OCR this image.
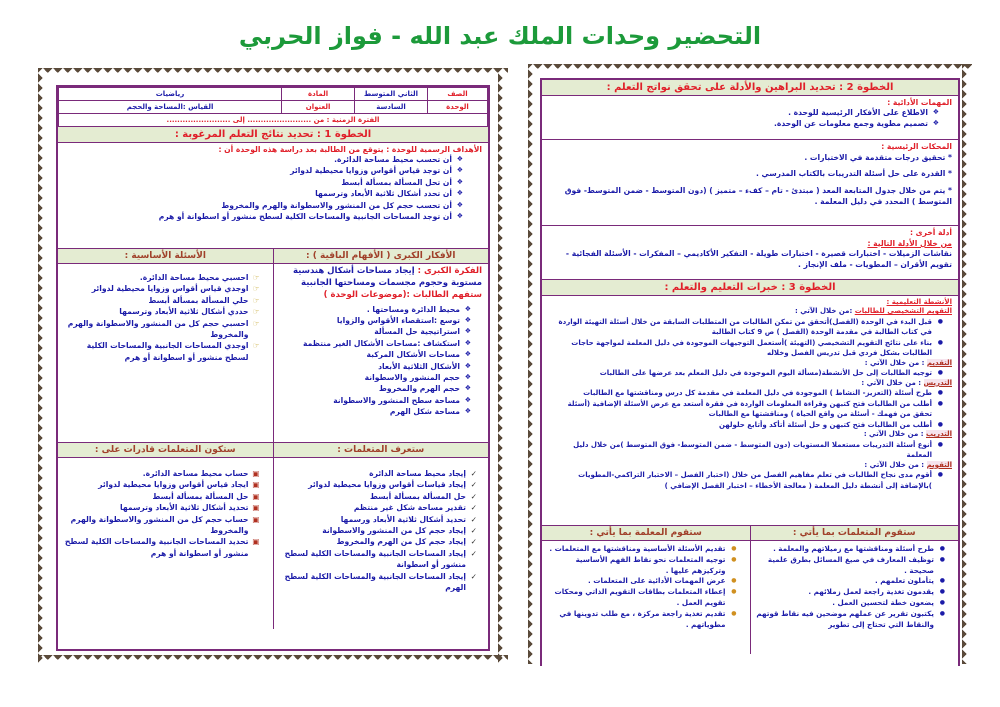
التحضير وحدات الملك عبد الله - فواز الحربي
الصف	الثاني المتوسط	المادة	رياضيات
الوحدة	السادسة	العنوان	القياس :المساحة والحجم
الفترة الزمنية : من ........................ إلى ........................			
الخطوة 1 : تحديد نتائج التعلم المرغوبة :
الأهداف الرسمية للوحدة : يتوقع من الطالبة بعد دراسة هذه الوحدة أن :
❖ أن تحسب محيط مساحة الدائرة.
❖ أن توجد قياس أقواس وزوايا محيطية لدوائر
❖ أن تحل المسألة بمسألة أبسط
❖ أن تحدد أشكال ثلاثية الأبعاد وترسمها
❖ أن تحسب حجم كل من المنشور والاسطوانة والهرم والمخروط
❖ أن توجد المساحات الجانبية والمساحات الكلية لسطح منشور أو اسطوانة أو هرم
الأفكار الكبرى ( الأفهام الباقية ) :
الفكرة الكبرى : إيجاد مساحات أشكال هندسية مستوية وحجوم مجسمات ومساحتها الجانبية
ستفهم الطالبات :(موضوعات الوحدة )
❖ محيط الدائرة ومساحتها .
❖ توسع :استقصاء الأقواس والزوايا
❖ استراتيجية حل المسألة
❖ استكشاف :مساحات الأشكال الغير منتظمة
❖ مساحات الأشكال المركبة
❖ الأشكال الثلاثية الأبعاد
❖ حجم المنشور والاسطوانة
❖ حجم الهرم والمخروط
❖ مساحة سطح المنشور والاسطوانة
❖ مساحة شكل الهرم
الأسئلة الأساسية :
☞ احسبي محيط مساحة الدائرة.
☞ اوجدي قياس أقواس وزوايا محيطية لدوائر
☞ حلي المسألة بمسألة أبسط
☞ حددي أشكال ثلاثية الأبعاد وترسمها
☞ احسبي حجم كل من المنشور والاسطوانة والهرم والمخروط
☞ اوجدي المساحات الجانبية والمساحات الكلية لسطح منشور أو اسطوانة أو هرم
ستعرف المتعلمات :
✓ إيجاد محيط مساحة الدائرة
✓ إيجاد قياسات أقواس وزوايا محيطية لدوائر
✓ حل المسألة بمسألة أبسط
✓ تقدير مساحة شكل غير منتظم
✓ تحديد أشكال ثلاثية الأبعاد ورسمها
✓ إيجاد حجم كل من المنشور والاسطوانة
✓ إيجاد حجم كل من الهرم والمخروط
✓ إيجاد المساحات الجانبية والمساحات الكلية لسطح منشور أو اسطوانة
✓ إيجاد المساحات الجانبية والمساحات الكلية لسطح الهرم
ستكون المتعلمات قادرات على :
▣ حساب محيط مساحة الدائرة.
▣ ايجاد قياس أقواس وزوايا محيطية لدوائر
▣ حل المسألة بمسألة أبسط
▣ تحديد أشكال ثلاثية الأبعاد وترسمها
▣ حساب حجم كل من المنشور والاسطوانة والهرم والمخروط
▣ تحديد المساحات الجانبية والمساحات الكلية لسطح منشور أو اسطوانة أو هرم
الخطوة 2 : تحديد البراهين والأدلة على تحقق نواتج التعلم :
المهمات الأدائية :
❖ الاطلاع على الأفكار الرئيسية للوحدة .
❖ تصميم مطوية وجمع معلومات عن الوحدة.
المحكات الرئيسية :
* تحقيق درجات متقدمة في الاختبارات .
* القدرة على حل أسئلة التدريبات بالكتاب المدرسي .
* يتم من خلال جدول المتابعة المعد ( مبتدئ - تام – كفء – متميز ) (دون المتوسط - ضمن المتوسط- فوق المتوسط ) المحدد في دليل المعلمة .
أدلة أخرى :
من خلال الأدلة التالية :
نقاشات الزميلات - اختبارات قصيرة - اختبارات طويلة - التفكير الأكاديمي – المفكرات - الأسئلة الفجائية - تقويم الأقران – المطويات - ملف الإنجاز .
الخطوة 3 : خبرات التعليم والتعلم :
الأنشطة التعليمية :
التقويم التشخيصي للطالبات :من خلال الآتي :
● قبل البدء في الوحدة (الفصل)أتحقق من تمكن الطالبات من المتطلبات السابقة من خلال أسئلة التهيئة الواردة في كتاب الطالبة في مقدمة الوحدة (الفصل ) ص 9 كتاب الطالبة
● بناء على نتائج التقويم التشخيصي (التهيئة )أستعمل التوجيهات الموجودة في دليل المعلمة لمواجهة حاجات الطالبات بشكل فردي قبل تدريس الفصل وخلاله
التقديم : من خلال الآتي :
● توجيه الطالبات إلى حل الأنشطة(مسألة اليوم الموجودة في دليل المعلم بعد عرضها على الطالبات
التدريس : من خلال الآتي :
● طرح أسئلة (التعزيز- النشاط ) الموجودة في دليل المعلمة في مقدمة كل درس ومناقشتها مع الطالبات
● أطلب من الطالبات فتح كتبهن وقراءة المعلومات الواردة في فقرة أستعد مع عرض الأسئلة الإضافية (أسئلة تحقق من فهمك - أسئلة من واقع الحياة ) ومناقشتها مع الطالبات
● أطلب من الطالبات فتح كتبهن و حل أسئلة أتأكد وأتابع حلولهن
التدريب : من خلال الآتي :
● أنوع أسئلة التدريبات مستعملا المستويات (دون المتوسط - ضمن المتوسط- فوق المتوسط )من خلال دليل المعلمة
التقويم : من خلال الآتي :
● أقوم مدى نجاح الطالبات في تعلم مفاهيم الفصل من خلال (اختبار الفصل – الاختبار التراكمي-المطويات )بالإضافة إلى أنشطة دليل المعلمة ( معالجة الأخطاء – اختبار الفصل الإضافي )
ستقوم المتعلمات بما يأتي :
● طرح أسئلة ومناقشتها مع زميلاتهم والمعلمة .
● توظيف المعارف في صيغ المسائل بطرق علمية صحيحة .
● يتأملون تعلمهم .
● يقدمون تغذية راجعة لعمل زملائهم .
● يضعون خطة لتحسين العمل .
● يكتبون تقرير عن عملهم موضحين فيه نقاط قوتهم والنقاط التي تحتاج إلى تطوير
ستقوم المعلمة بما يأتي :
● تقديم الأسئلة الأساسية ومناقشتها مع المتعلمات .
● توجيه المتعلمات نحو نقاط الفهم الأساسية وتركيزهم عليها .
● عرض المهمات الأدائية على المتعلمات .
● إعطاء المتعلمات بطاقات التقويم الذاتي ومحكات تقويم العمل .
● تقديم تغذية راجعة مركزة ، مع طلب تدوينها في مطوياتهم .
